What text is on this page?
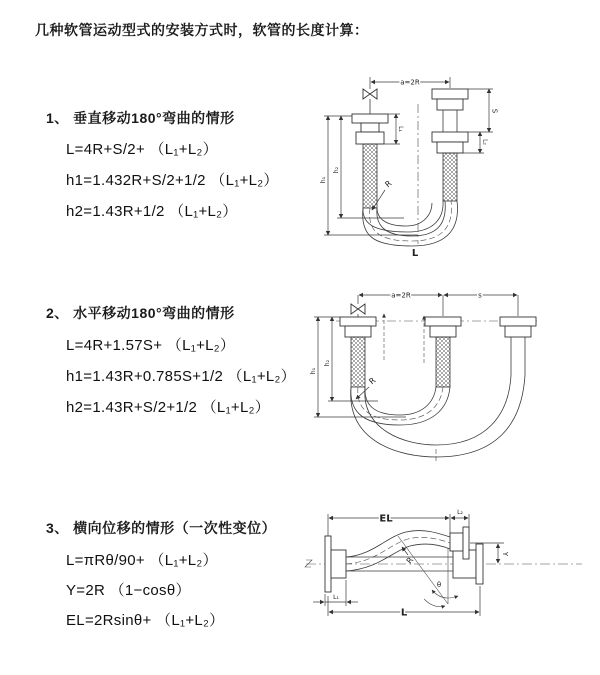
几种软管运动型式的安装方式时，软管的长度计算：
1、 垂直移动180°弯曲的情形
L=4R+S/2+ （L₁+L₂）
h1=1.432R+S/2+1/2 （L₁+L₂）
h2=1.43R+1/2 （L₁+L₂）
2、 水平移动180°弯曲的情形
L=4R+1.57S+ （L₁+L₂）
h1=1.43R+0.785S+1/2 （L₁+L₂）
h2=1.43R+S/2+1/2 （L₁+L₂）
3、 横向位移的情形（一次性变位）
L=πRθ/90+ （L₁+L₂）
Y=2R （1−cosθ）
EL=2Rsinθ+ （L₁+L₂）
a=2R
L₁
S
L₂
h₁
h₂
R
L
a=2R	s
h₁
h₂
R
EL
L₂
Y
L
L₁
θ
R
